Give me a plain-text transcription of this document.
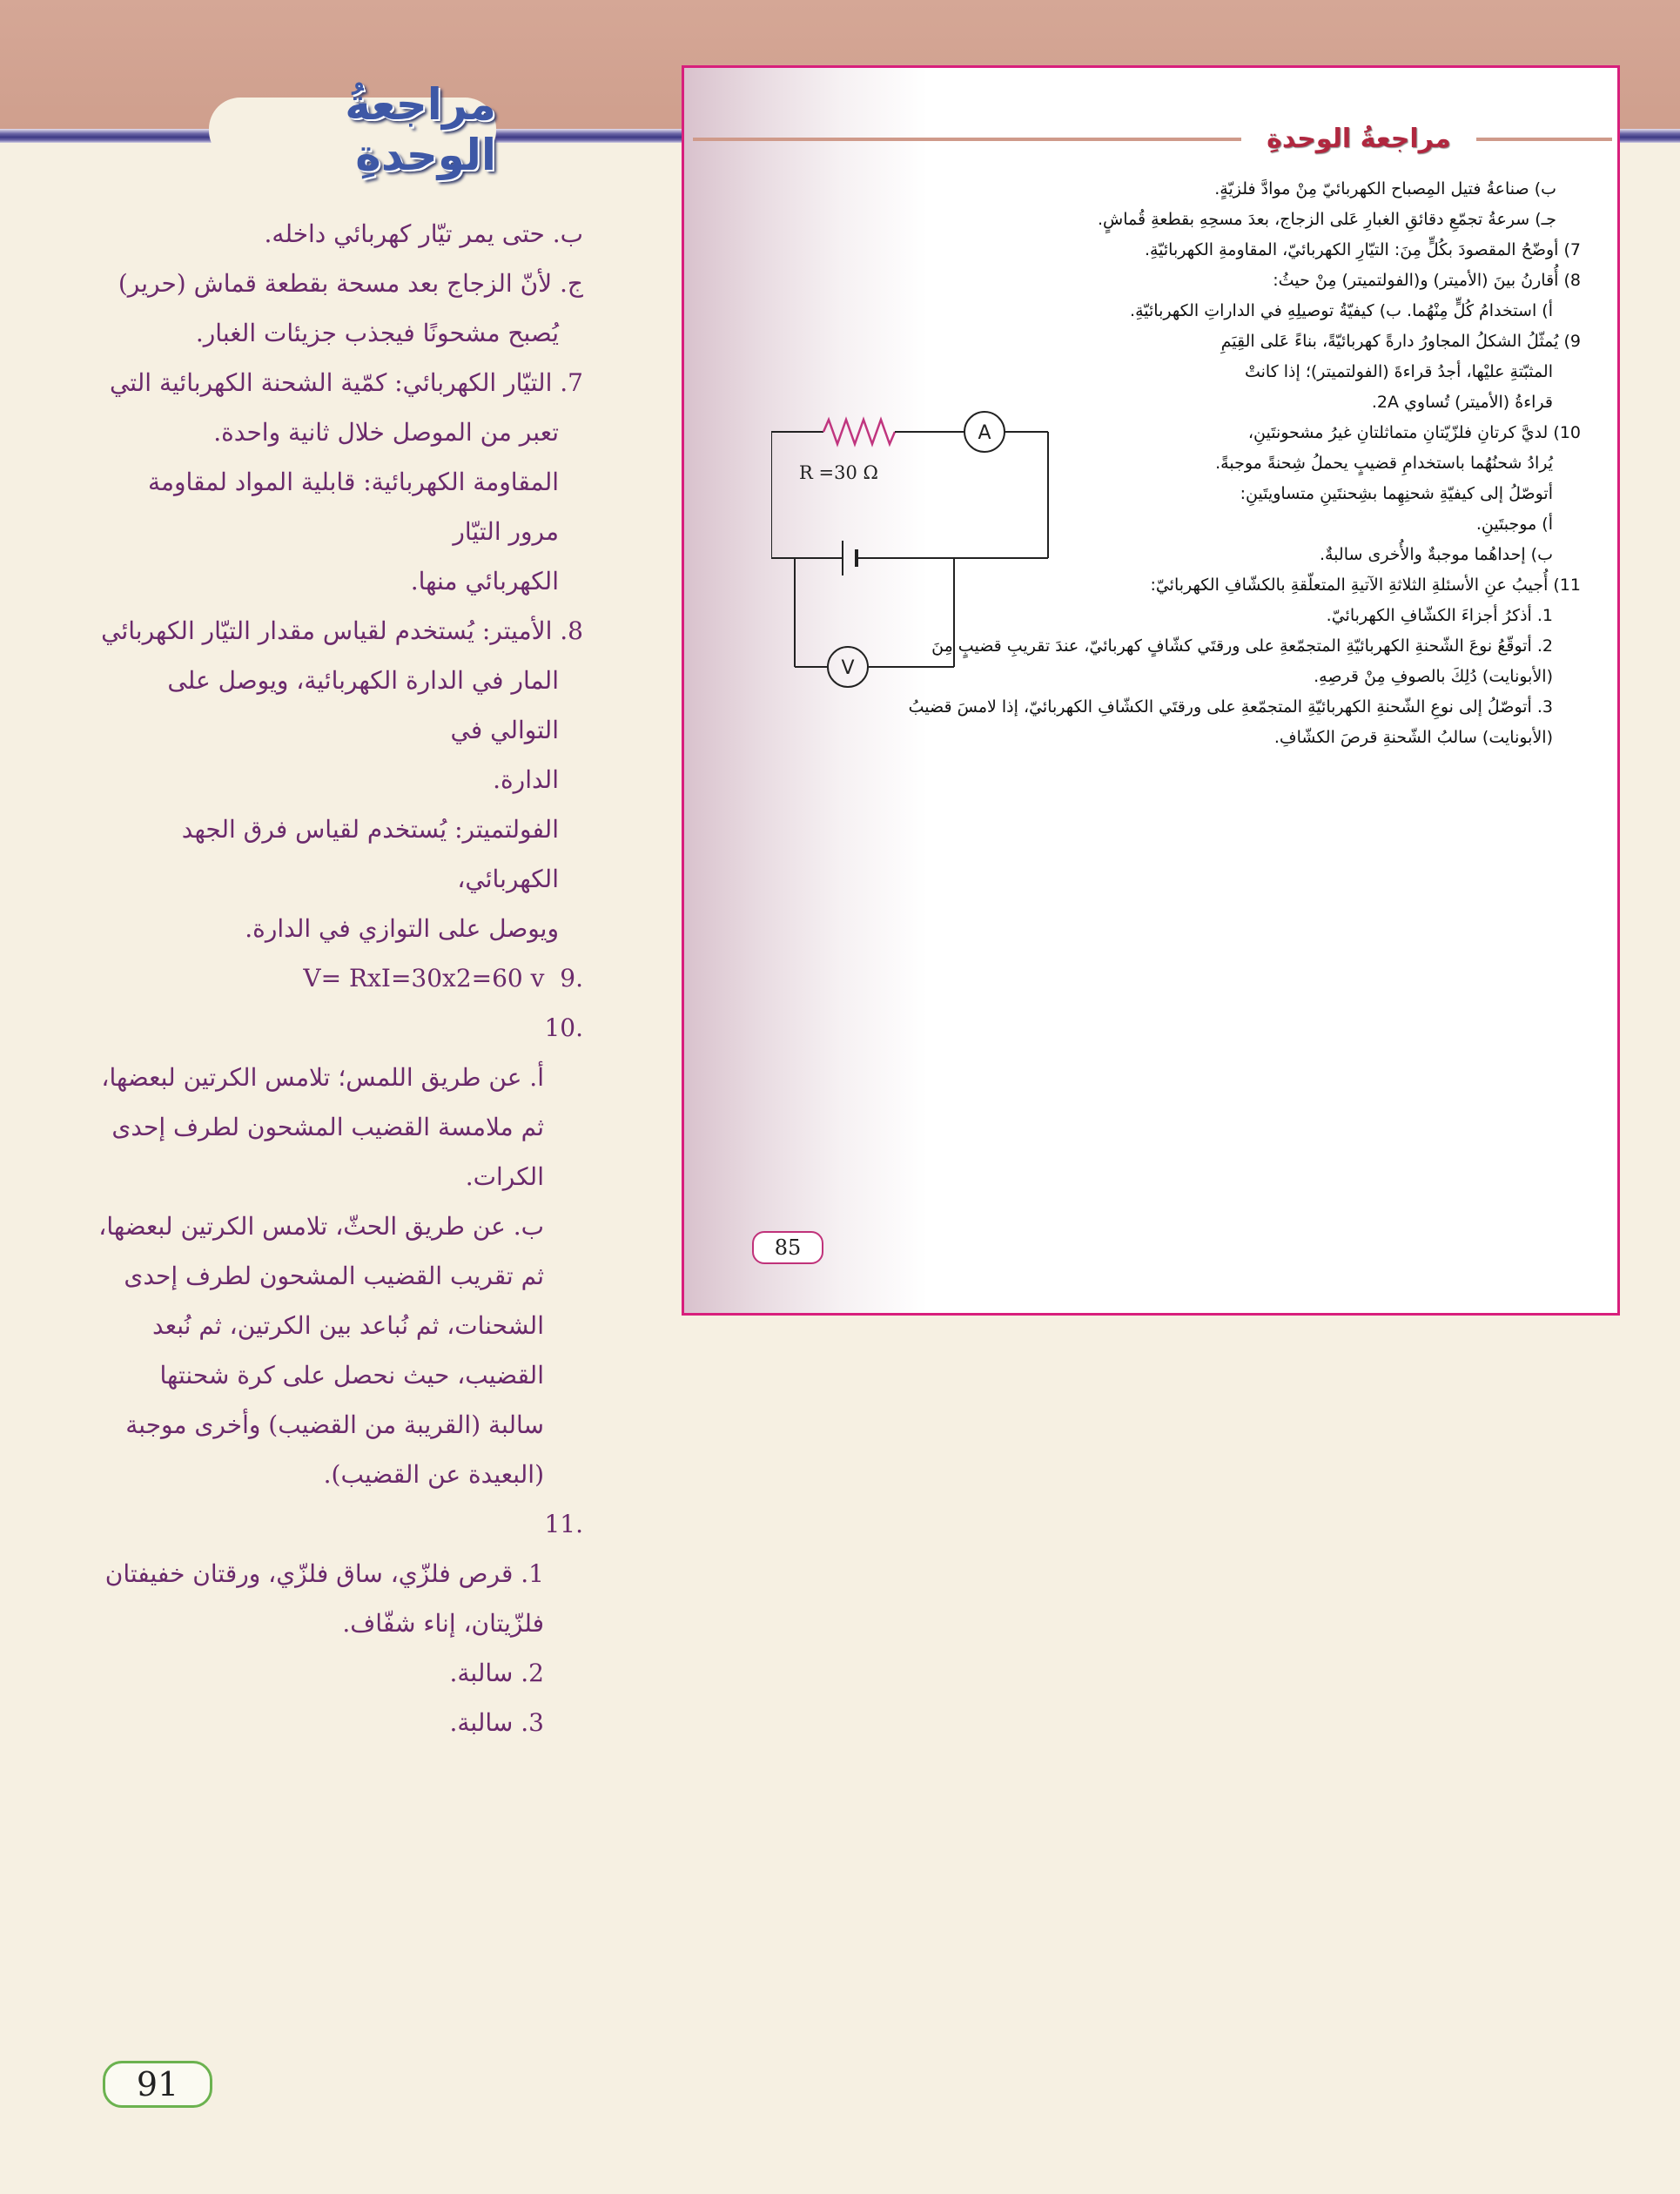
مراجعةُ الوحدةِ

ب. حتى يمر تيّار كهربائي داخله.

ج. لأنّ الزجاج بعد مسحة بقطعة قماش (حرير)

يُصبح مشحونًا فيجذب جزيئات الغبار.

7. التيّار الكهربائي: كمّية الشحنة الكهربائية التي

تعبر من الموصل خلال ثانية واحدة.

المقاومة الكهربائية: قابلية المواد لمقاومة مرور التيّار

الكهربائي منها.

8. الأميتر: يُستخدم لقياس مقدار التيّار الكهربائي

المار في الدارة الكهربائية، ويوصل على التوالي في

الدارة.

الفولتميتر: يُستخدم لقياس فرق الجهد الكهربائي،

ويوصل على التوازي في الدارة.

.9  V= RxI=30x2=60 v

.10

أ. عن طريق اللمس؛ تلامس الكرتين لبعضها،

ثم ملامسة القضيب المشحون لطرف إحدى

الكرات.

ب. عن طريق الحثّ، تلامس الكرتين لبعضها،

ثم تقريب القضيب المشحون لطرف إحدى

الشحنات، ثم نُباعد بين الكرتين، ثم نُبعد

القضيب، حيث نحصل على كرة شحنتها

سالبة (القريبة من القضيب) وأخرى موجبة

(البعيدة عن القضيب).

.11

1. قرص فلزّي، ساق فلزّي، ورقتان خفيفتان

فلزّيتان، إناء شفّاف.

2. سالبة.

3. سالبة.

91
مراجعةُ الوحدةِ

ب) صناعةُ فتيل المِصباح الكهربائيّ مِنْ موادَّ فلزيّةٍ.

جـ) سرعةُ تجمّعِ دقائقِ الغبارِ عَلى الزجاج، بعدَ مسحِهِ بقطعةِ قُماشٍ.

7) أوضّحُ المقصودَ بكُلٍّ مِنَ: التيّارِ الكهربائيّ، المقاومةِ الكهربائيّةِ.

8) أُقارنُ بينَ (الأميتر) و(الفولتميتر) مِنْ حيثُ:

أ) استخدامُ كُلٍّ مِنْهُما. ب) كيفيّةُ توصيلِهِ في الداراتِ الكهربائيّةِ.

9) يُمثّلُ الشكلُ المجاورُ دارةً كهربائيّةً، بناءً عَلى القِيَمِ

المثبّتةِ عليْها، أجدُ قراءةَ (الفولتميتر)؛ إذا كانتْ

قراءةُ (الأميتر) تُساوي 2A.

10) لديَّ كرتانِ فلزّيّتانِ متماثلتانِ غيرُ مشحونتَينِ،

يُرادُ شحنُهُما باستخدامِ قضيبٍ يحملُ شِحنةً موجبةً.

أتوصّلُ إلى كيفيّةِ شحنِهِما بشِحنتَينِ متساويتَينِ:

أ) موجبتَينِ.

ب) إحداهُما موجبةٌ والأُخرى سالبةٌ.

11) أُجيبُ عنِ الأسئلةِ الثلاثةِ الآتيةِ المتعلّقةِ بالكشّافِ الكهربائيّ:

1. أذكرُ أجزاءَ الكشّافِ الكهربائيّ.

2. أتوقّعُ نوعَ الشّحنةِ الكهربائيّةِ المتجمّعةِ على ورقتَي كشّافٍ كهربائيّ، عندَ تقريبِ قضيبٍ مِنَ

(الأبونايت) دُلِكَ بالصوفِ مِنْ قرصِهِ.

3. أتوصّلُ إلى نوعِ الشّحنةِ الكهربائيّةِ المتجمّعةِ على ورقتَي الكشّافِ الكهربائيّ، إذا لامسَ قضيبُ

(الأبونايت) سالبُ الشّحنةِ قرصَ الكشّافِ.

A
V
R =30 Ω
85
